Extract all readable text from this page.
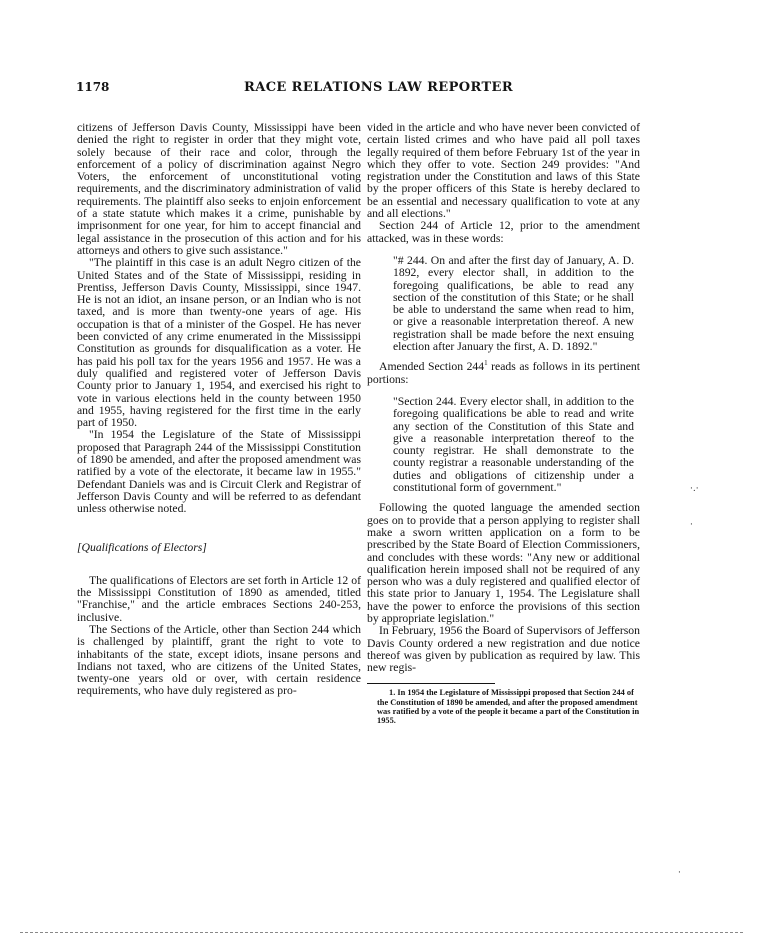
1178	RACE RELATIONS LAW REPORTER

citizens of Jefferson Davis County, Mississippi have been denied the right to register in order that they might vote, solely because of their race and color, through the enforcement of a policy of discrimination against Negro Voters, the enforcement of unconstitutional voting requirements, and the discriminatory administration of valid requirements. The plaintiff also seeks to enjoin enforcement of a state statute which makes it a crime, punishable by imprisonment for one year, for him to accept financial and legal assistance in the prosecution of this action and for his attorneys and others to give such assistance."

"The plaintiff in this case is an adult Negro citizen of the United States and of the State of Mississippi, residing in Prentiss, Jefferson Davis County, Mississippi, since 1947. He is not an idiot, an insane person, or an Indian who is not taxed, and is more than twenty-one years of age. His occupation is that of a minister of the Gospel. He has never been convicted of any crime enumerated in the Mississippi Constitution as grounds for disqualification as a voter. He has paid his poll tax for the years 1956 and 1957. He was a duly qualified and registered voter of Jefferson Davis County prior to January 1, 1954, and exercised his right to vote in various elections held in the county between 1950 and 1955, having registered for the first time in the early part of 1950.

"In 1954 the Legislature of the State of Mississippi proposed that Paragraph 244 of the Mississippi Constitution of 1890 be amended, and after the proposed amendment was ratified by a vote of the electorate, it became law in 1955." Defendant Daniels was and is Circuit Clerk and Registrar of Jefferson Davis County and will be referred to as defendant unless otherwise noted.

[Qualifications of Electors]

The qualifications of Electors are set forth in Article 12 of the Mississippi Constitution of 1890 as amended, titled "Franchise," and the article embraces Sections 240-253, inclusive.

The Sections of the Article, other than Section 244 which is challenged by plaintiff, grant the right to vote to inhabitants of the state, except idiots, insane persons and Indians not taxed, who are citizens of the United States, twenty-one years old or over, with certain residence requirements, who have duly registered as pro-

vided in the article and who have never been convicted of certain listed crimes and who have paid all poll taxes legally required of them before February 1st of the year in which they offer to vote. Section 249 provides: "And registration under the Constitution and laws of this State by the proper officers of this State is hereby declared to be an essential and necessary qualification to vote at any and all elections."

Section 244 of Article 12, prior to the amendment attacked, was in these words:

"# 244. On and after the first day of January, A. D. 1892, every elector shall, in addition to the foregoing qualifications, be able to read any section of the constitution of this State; or he shall be able to understand the same when read to him, or give a reasonable interpretation thereof. A new registration shall be made before the next ensuing election after January the first, A. D. 1892."

Amended Section $244^1$ reads as follows in its pertinent portions:

"Section 244. Every elector shall, in addition to the foregoing qualifications be able to read and write any section of the Constitution of this State and give a reasonable interpretation thereof to the county registrar. He shall demonstrate to the county registrar a reasonable understanding of the duties and obligations of citizenship under a constitutional form of government."

Following the quoted language the amended section goes on to provide that a person applying to register shall make a sworn written application on a form to be prescribed by the State Board of Election Commissioners, and concludes with these words: "Any new or additional qualification herein imposed shall not be required of any person who was a duly registered and qualified elector of this state prior to January 1, 1954. The Legislature shall have the power to enforce the provisions of this section by appropriate legislation."

In February, 1956 the Board of Supervisors of Jefferson Davis County ordered a new registration and due notice thereof was given by publication as required by law. This new regis-

1. In 1954 the Legislature of Mississippi proposed that Section 244 of the Constitution of 1890 be amended, and after the proposed amendment was ratified by a vote of the people it became a part of the Constitution in 1955.

·.·
·
·
